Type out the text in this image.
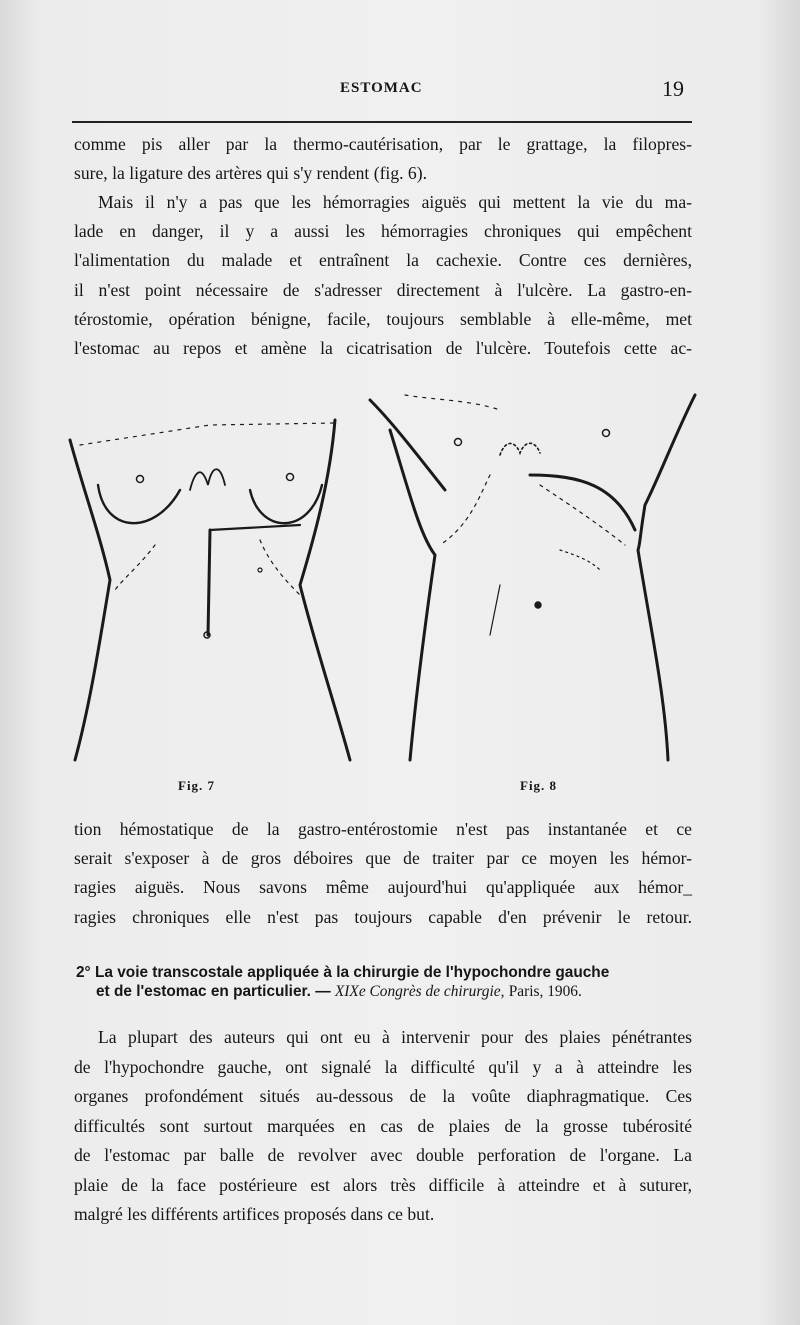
ESTOMAC	19

comme pis aller par la thermo-cautérisation, par le grattage, la filopres-
sure, la ligature des artères qui s'y rendent (fig. 6).

Mais il n'y a pas que les hémorragies aiguës qui mettent la vie du ma-
lade en danger, il y a aussi les hémorragies chroniques qui empêchent
l'alimentation du malade et entraînent la cachexie. Contre ces dernières,
il n'est point nécessaire de s'adresser directement à l'ulcère. La gastro-en-
térostomie, opération bénigne, facile, toujours semblable à elle-même, met
l'estomac au repos et amène la cicatrisation de l'ulcère. Toutefois cette ac-

Fig. 7	Fig. 8

tion hémostatique de la gastro-entérostomie n'est pas instantanée et ce
serait s'exposer à de gros déboires que de traiter par ce moyen les hémor-
ragies aiguës. Nous savons même aujourd'hui qu'appliquée aux hémor_
ragies chroniques elle n'est pas toujours capable d'en prévenir le retour.

2° La voie transcostale appliquée à la chirurgie de l'hypochondre gauche
et de l'estomac en particulier. — XIXe Congrès de chirurgie, Paris, 1906.

La plupart des auteurs qui ont eu à intervenir pour des plaies pénétrantes
de l'hypochondre gauche, ont signalé la difficulté qu'il y a à atteindre les
organes profondément situés au-dessous de la voûte diaphragmatique. Ces
difficultés sont surtout marquées en cas de plaies de la grosse tubérosité
de l'estomac par balle de revolver avec double perforation de l'organe. La
plaie de la face postérieure est alors très difficile à atteindre et à suturer,
malgré les différents artifices proposés dans ce but.
